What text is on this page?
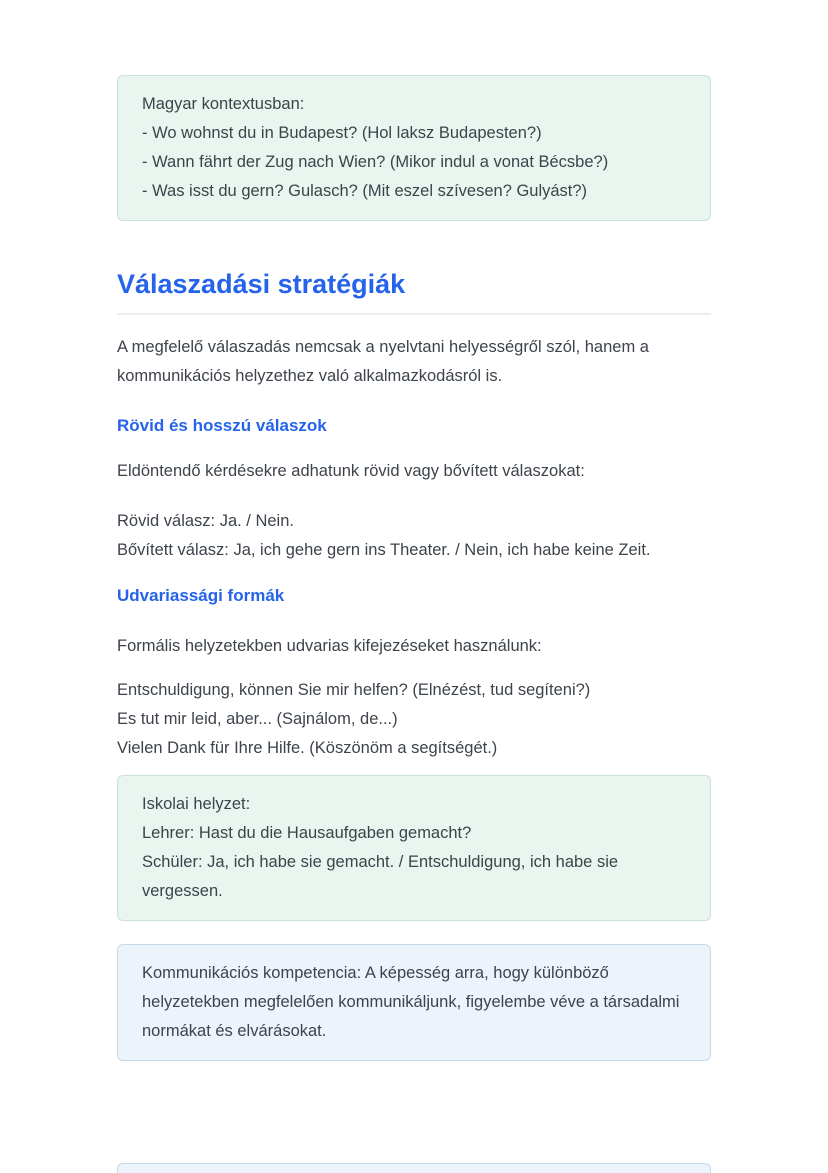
Magyar kontextusban:
- Wo wohnst du in Budapest? (Hol laksz Budapesten?)
- Wann fährt der Zug nach Wien? (Mikor indul a vonat Bécsbe?)
- Was isst du gern? Gulasch? (Mit eszel szívesen? Gulyást?)
Válaszadási stratégiák

A megfelelő válaszadás nemcsak a nyelvtani helyességről szól, hanem a kommunikációs helyzethez való alkalmazkodásról is.

Rövid és hosszú válaszok

Eldöntendő kérdésekre adhatunk rövid vagy bővített válaszokat:

Rövid válasz: Ja. / Nein.
Bővített válasz: Ja, ich gehe gern ins Theater. / Nein, ich habe keine Zeit.

Udvariassági formák

Formális helyzetekben udvarias kifejezéseket használunk:

Entschuldigung, können Sie mir helfen? (Elnézést, tud segíteni?)
Es tut mir leid, aber... (Sajnálom, de...)
Vielen Dank für Ihre Hilfe. (Köszönöm a segítségét.)

Iskolai helyzet:
Lehrer: Hast du die Hausaufgaben gemacht?
Schüler: Ja, ich habe sie gemacht. / Entschuldigung, ich habe sie vergessen.
Kommunikációs kompetencia: A képesség arra, hogy különböző helyzetekben megfelelően kommunikáljunk, figyelembe véve a társadalmi normákat és elvárásokat.
